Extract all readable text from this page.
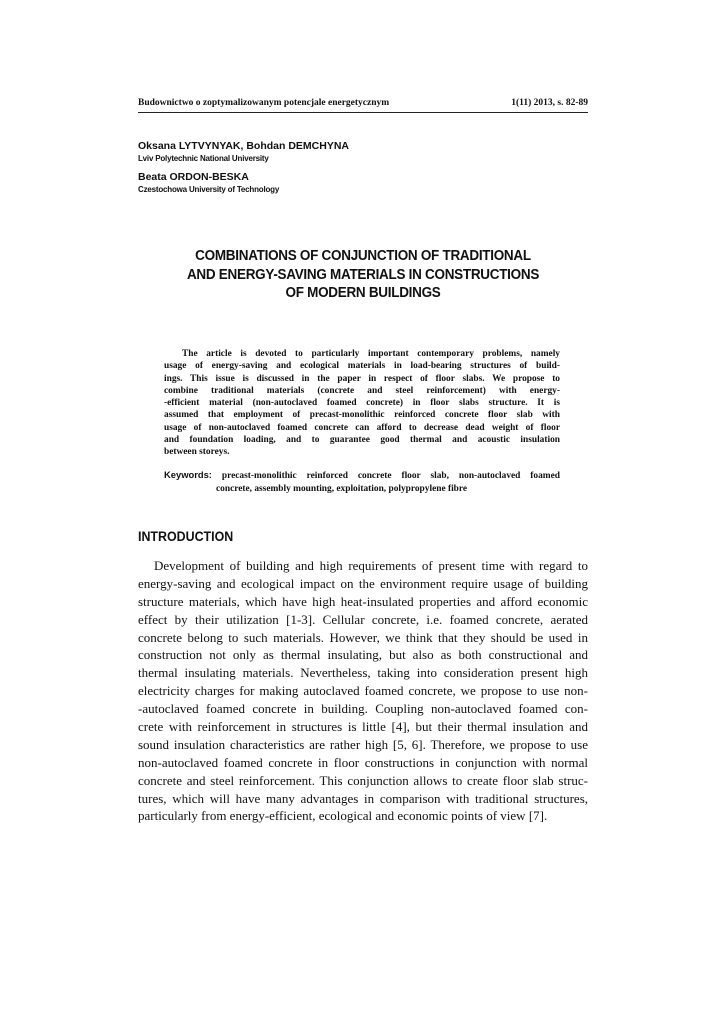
Budownictwo o zoptymalizowanym potencjale energetycznym	1(11) 2013, s. 82-89
Oksana LYTVYNYAK, Bohdan DEMCHYNA
Lviv Polytechnic National University
Beata ORDON-BESKA
Czestochowa University of Technology
COMBINATIONS OF CONJUNCTION OF TRADITIONAL
AND ENERGY-SAVING MATERIALS IN CONSTRUCTIONS
OF MODERN BUILDINGS
The article is devoted to particularly important contemporary problems, namely
usage of energy-saving and ecological materials in load-bearing structures of build-
ings. This issue is discussed in the paper in respect of floor slabs. We propose to
combine traditional materials (concrete and steel reinforcement) with energy-
-efficient material (non-autoclaved foamed concrete) in floor slabs structure. It is
assumed that employment of precast-monolithic reinforced concrete floor slab with
usage of non-autoclaved foamed concrete can afford to decrease dead weight of floor
and foundation loading, and to guarantee good thermal and acoustic insulation
between storeys.
Keywords: precast-monolithic reinforced concrete floor slab, non-autoclaved foamed
concrete, assembly mounting, exploitation, polypropylene fibre
INTRODUCTION
Development of building and high requirements of present time with regard to
energy-saving and ecological impact on the environment require usage of building
structure materials, which have high heat-insulated properties and afford economic
effect by their utilization [1-3]. Cellular concrete, i.e. foamed concrete, aerated
concrete belong to such materials. However, we think that they should be used in
construction not only as thermal insulating, but also as both constructional and
thermal insulating materials. Nevertheless, taking into consideration present high
electricity charges for making autoclaved foamed concrete, we propose to use non-
-autoclaved foamed concrete in building. Coupling non-autoclaved foamed con-
crete with reinforcement in structures is little [4], but their thermal insulation and
sound insulation characteristics are rather high [5, 6]. Therefore, we propose to use
non-autoclaved foamed concrete in floor constructions in conjunction with normal
concrete and steel reinforcement. This conjunction allows to create floor slab struc-
tures, which will have many advantages in comparison with traditional structures,
particularly from energy-efficient, ecological and economic points of view [7].
